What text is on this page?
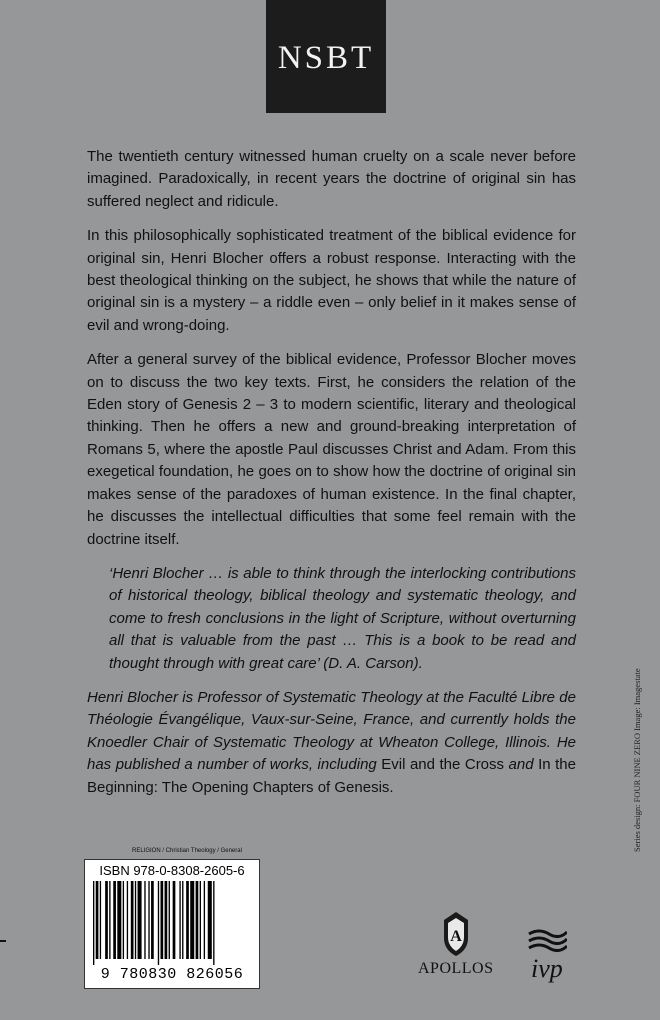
NSBT

The twentieth century witnessed human cruelty on a scale never before imagined. Paradoxically, in recent years the doctrine of original sin has suffered neglect and ridicule.

In this philosophically sophisticated treatment of the biblical evidence for original sin, Henri Blocher offers a robust response. Interacting with the best theological thinking on the subject, he shows that while the nature of original sin is a mystery – a riddle even – only belief in it makes sense of evil and wrong-doing.

After a general survey of the biblical evidence, Professor Blocher moves on to discuss the two key texts. First, he considers the relation of the Eden story of Genesis 2 – 3 to modern scientific, literary and theological thinking. Then he offers a new and ground-breaking interpretation of Romans 5, where the apostle Paul discusses Christ and Adam. From this exegetical foundation, he goes on to show how the doctrine of original sin makes sense of the paradoxes of human existence. In the final chapter, he discusses the intellectual difficulties that some feel remain with the doctrine itself.

‘Henri Blocher … is able to think through the interlocking contributions of historical theology, biblical theology and systematic theology, and come to fresh conclusions in the light of Scripture, without overturning all that is valuable from the past … This is a book to be read and thought through with great care’ (D. A. Carson).

Henri Blocher is Professor of Systematic Theology at the Faculté Libre de Théologie Évangélique, Vaux-sur-Seine, France, and currently holds the Knoedler Chair of Systematic Theology at Wheaton College, Illinois. He has published a number of works, including Evil and the Cross and In the Beginning: The Opening Chapters of Genesis.	Series design: FOUR NINE ZERO Image: Imagestate
RELIGION / Christian Theology / General
ISBN 978-0-8308-2605-6
9 780830 826056
A
APOLLOS ivp
